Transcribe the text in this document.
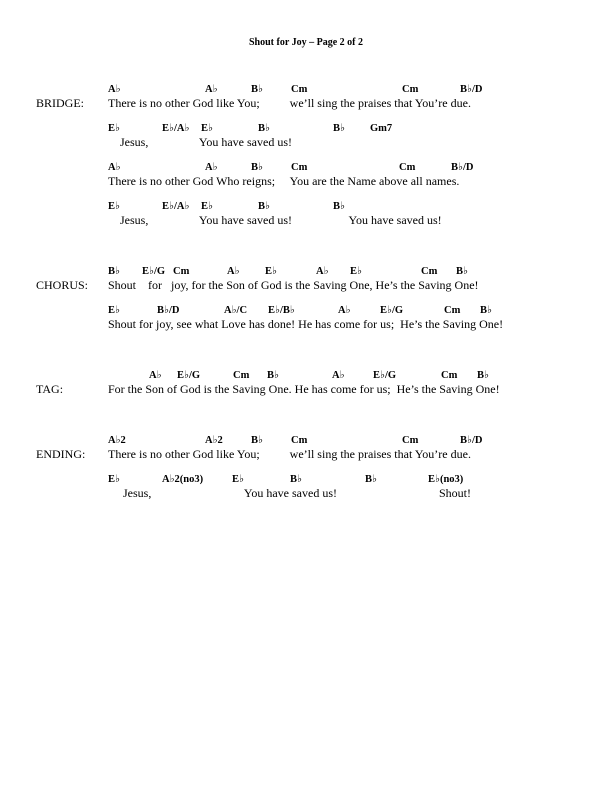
Shout for Joy – Page 2 of 2
BRIDGE:
A♭	A♭	B♭	Cm	Cm	B♭/D
There is no other God like You;          we’ll sing the praises that You’re due.
E♭	E♭/A♭ E♭	B♭	B♭ Gm7
Jesus,                 You have saved us!
A♭	A♭	B♭	Cm	Cm	B♭/D
There is no other God Who reigns;     You are the Name above all names.
E♭	E♭/A♭ E♭	B♭	B♭
Jesus,                 You have saved us!                   You have saved us!
CHORUS:
B♭ E♭/G Cm	A♭ E♭	A♭ E♭	Cm B♭
Shout    for   joy, for the Son of God is the Saving One, He’s the Saving One!
E♭	B♭/D	A♭/C E♭/B♭	A♭	E♭/G	Cm B♭
Shout for joy, see what Love has done! He has come for us;  He’s the Saving One!
TAG:
A♭ E♭/G	Cm B♭	A♭	E♭/G	Cm B♭
For the Son of God is the Saving One. He has come for us;  He’s the Saving One!
ENDING:
A♭2	A♭2	B♭	Cm	Cm	B♭/D
There is no other God like You;          we’ll sing the praises that You’re due.
E♭	A♭2(no3)	E♭	B♭	B♭	E♭(no3)
Jesus,                               You have saved us!                                  Shout!
